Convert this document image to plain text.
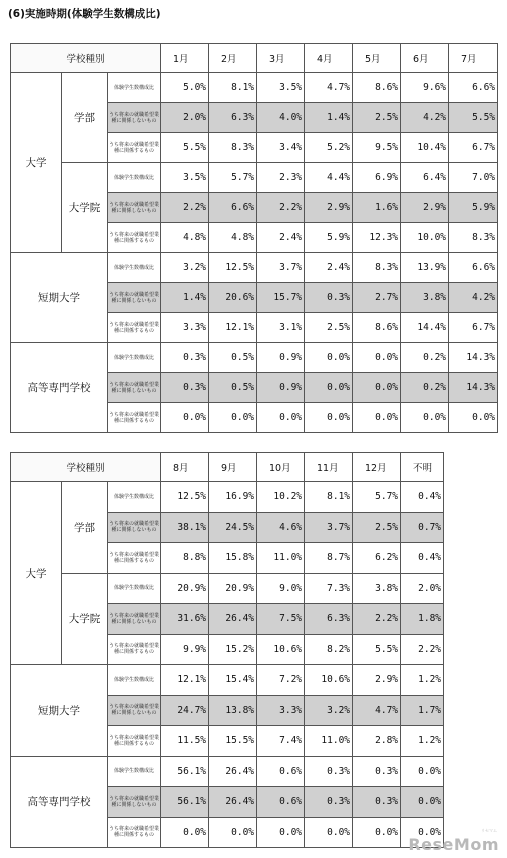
(6)実施時期(体験学生数構成比)
学校種別			1月	2月	3月	4月	5月	6月	7月
大学	学部	体験学生数構成比	5.0%	8.1%	3.5%	4.7%	8.6%	9.6%	6.6%
		うち将来の就職希望業種に関係しないもの	2.0%	6.3%	4.0%	1.4%	2.5%	4.2%	5.5%
		うち将来の就職希望業種に関係するもの	5.5%	8.3%	3.4%	5.2%	9.5%	10.4%	6.7%
	大学院	体験学生数構成比	3.5%	5.7%	2.3%	4.4%	6.9%	6.4%	7.0%
		うち将来の就職希望業種に関係しないもの	2.2%	6.6%	2.2%	2.9%	1.6%	2.9%	5.9%
		うち将来の就職希望業種に関係するもの	4.8%	4.8%	2.4%	5.9%	12.3%	10.0%	8.3%
短期大学		体験学生数構成比	3.2%	12.5%	3.7%	2.4%	8.3%	13.9%	6.6%
		うち将来の就職希望業種に関係しないもの	1.4%	20.6%	15.7%	0.3%	2.7%	3.8%	4.2%
		うち将来の就職希望業種に関係するもの	3.3%	12.1%	3.1%	2.5%	8.6%	14.4%	6.7%
高等専門学校		体験学生数構成比	0.3%	0.5%	0.9%	0.0%	0.0%	0.2%	14.3%
		うち将来の就職希望業種に関係しないもの	0.3%	0.5%	0.9%	0.0%	0.0%	0.2%	14.3%
		うち将来の就職希望業種に関係するもの	0.0%	0.0%	0.0%	0.0%	0.0%	0.0%	0.0%
学校種別			8月	9月	10月	11月	12月	不明
大学	学部	体験学生数構成比	12.5%	16.9%	10.2%	8.1%	5.7%	0.4%
		うち将来の就職希望業種に関係しないもの	38.1%	24.5%	4.6%	3.7%	2.5%	0.7%
		うち将来の就職希望業種に関係するもの	8.8%	15.8%	11.0%	8.7%	6.2%	0.4%
	大学院	体験学生数構成比	20.9%	20.9%	9.0%	7.3%	3.8%	2.0%
		うち将来の就職希望業種に関係しないもの	31.6%	26.4%	7.5%	6.3%	2.2%	1.8%
		うち将来の就職希望業種に関係するもの	9.9%	15.2%	10.6%	8.2%	5.5%	2.2%
短期大学		体験学生数構成比	12.1%	15.4%	7.2%	10.6%	2.9%	1.2%
		うち将来の就職希望業種に関係しないもの	24.7%	13.8%	3.3%	3.2%	4.7%	1.7%
		うち将来の就職希望業種に関係するもの	11.5%	15.5%	7.4%	11.0%	2.8%	1.2%
高等専門学校		体験学生数構成比	56.1%	26.4%	0.6%	0.3%	0.3%	0.0%
		うち将来の就職希望業種に関係しないもの	56.1%	26.4%	0.6%	0.3%	0.3%	0.0%
		うち将来の就職希望業種に関係するもの	0.0%	0.0%	0.0%	0.0%	0.0%	0.0%	リセマム
ReseMom
